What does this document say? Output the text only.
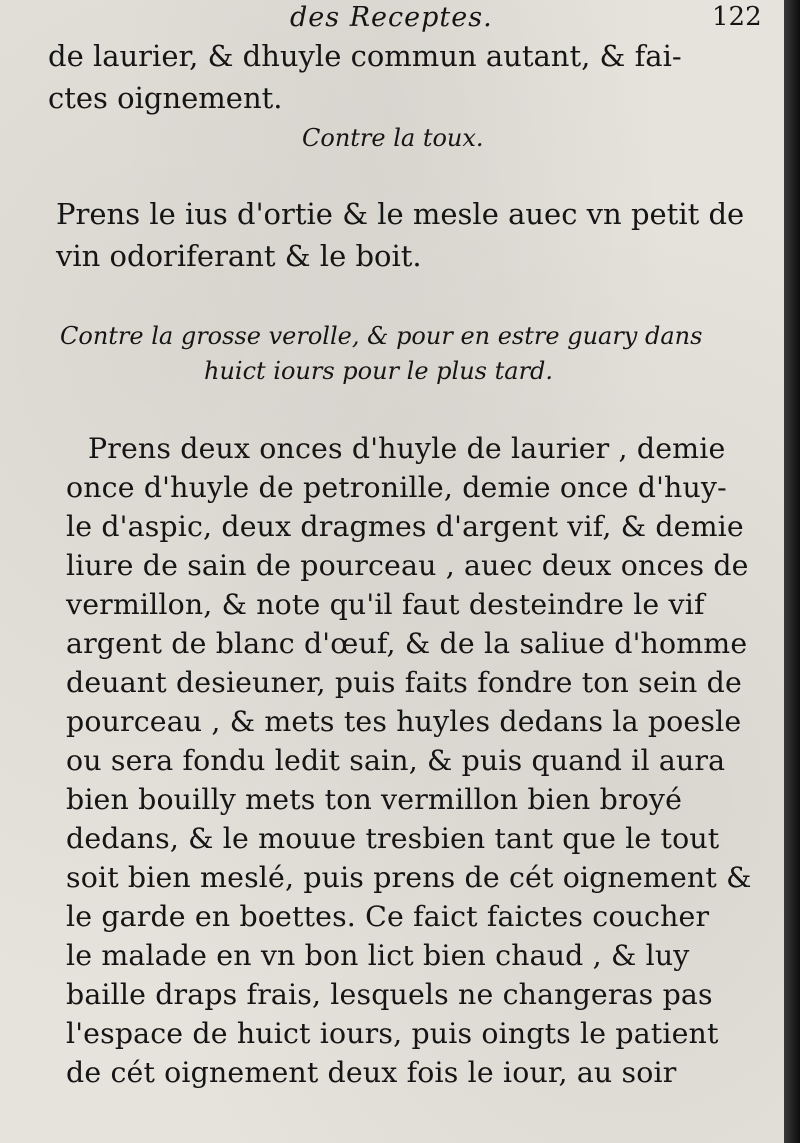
des Receptes.	122
de laurier, & dhuyle commun autant, & fai-
ctes oignement.
Contre la toux.
Prens le ius d'ortie & le mesle auec vn petit de
vin odoriferant & le boit.
Contre la grosse verolle, & pour en estre guary dans
huict iours pour le plus tard.
Prens deux onces d'huyle de laurier , demie
once d'huyle de petronille, demie once d'huy-
le d'aspic, deux dragmes d'argent vif, & demie
liure de sain de pourceau , auec deux onces de
vermillon, & note qu'il faut desteindre le vif
argent de blanc d'œuf, & de la saliue d'homme
deuant desieuner, puis faits fondre ton sein de
pourceau , & mets tes huyles dedans la poesle
ou sera fondu ledit sain, & puis quand il aura
bien bouilly mets ton vermillon bien broyé
dedans, & le mouue tresbien tant que le tout
soit bien meslé, puis prens de cét oignement &
le garde en boettes. Ce faict faictes coucher
le malade en vn bon lict bien chaud , & luy
baille draps frais, lesquels ne changeras pas
l'espace de huict iours, puis oingts le patient
de cét oignement deux fois le iour, au soir
